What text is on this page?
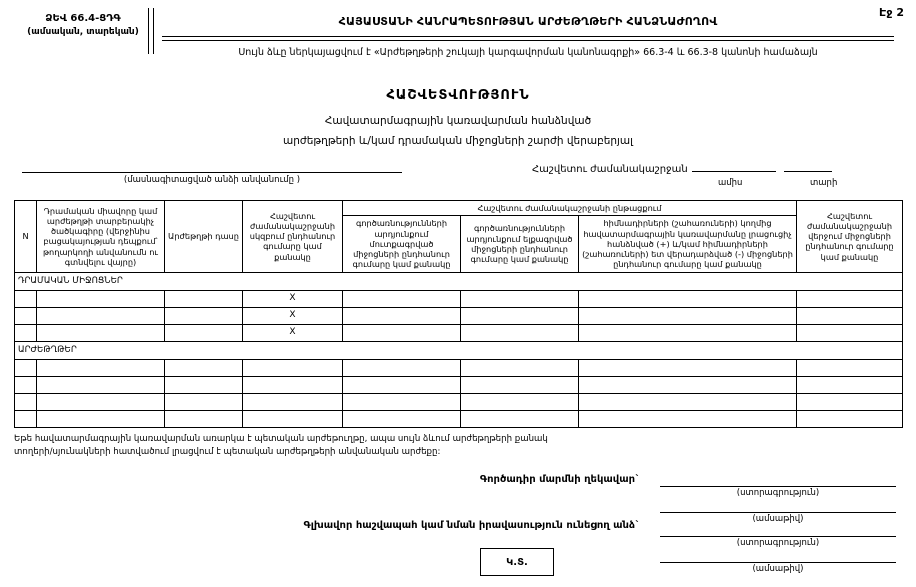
Էջ 2
ՁԵՎ 66.4-ՑԴԳ
(ամսական, տարեկան)
ՀԱՅԱՍՏԱՆԻ ՀԱՆՐԱՊԵՏՈՒԹՅԱՆ ԱՐԺԵԹՂԹԵՐԻ ՀԱՆՁՆԱԺՈՂՈՎ
Սույն ձևը ներկայացվում է «Արժեթղթերի շուկայի կարգավորման կանոնագրքի» 66.3-4 և 66.3-8 կանոնի համաձայն
ՀԱՇՎԵՏՎՈՒԹՅՈՒՆ
Հավատարմագրային կառավարման հանձնված
արժեթղթերի և/կամ դրամական միջոցների շարժի վերաբերյալ
(մասնագիտացված անձի անվանումը )
Հաշվետու ժամանակաշրջան
ամիս	տարի
N	Դրամական միավորը կամ արժեթղթի տարբերակիչ ծածկագիրը (վերջինիս բացակայության դեպքում՝ թողարկողի անվանումն ու գտնվելու վայրը)	Արժեթղթի դասը	Հաշվետու ժամանակաշրջանի սկզբում ընդհանուր գումարը կամ քանակը	Հաշվետու ժամանակաշրջանի ընթացքում			Հաշվետու ժամանակաշրջանի վերջում միջոցների ընդհանուր գումարը կամ քանակը
				գործառնությունների արդյունքում մուտքագրված միջոցների ընդհանուր գումարը կամ քանակը	գործառնությունների արդյունքում ելքագրված միջոցների ընդհանուր գումարը կամ քանակը	հիմնադիրների (շահառուների) կողմից հավատարմագրային կառավարմանը լրացուցիչ հանձնված (+) և/կամ հիմնադիրների (շահառուների) ետ վերադարձված (-) միջոցների ընդհանուր գումարը կամ քանակը	
ԴՐԱՄԱԿԱՆ ՄԻՋՈՑՆԵՐ							
			X				
			X				
			X				
ԱՐԺԵԹՂԹԵՐ							

Եթե հավատարմագրային կառավարման առարկա է պետական արժեթուղթը, ապա սույն ձևում արժեթղթերի քանակ
տողերի/սյունակների հատվածում լրացվում է պետական արժեթղթերի անվանական արժեքը:
Գործադիր մարմնի ղեկավար`
(ստորագրություն)
(ամսաթիվ)
Գլխավոր հաշվապահ կամ նման իրավասություն ունեցող անձ`
(ստորագրություն)
(ամսաթիվ)
Կ.Տ.
